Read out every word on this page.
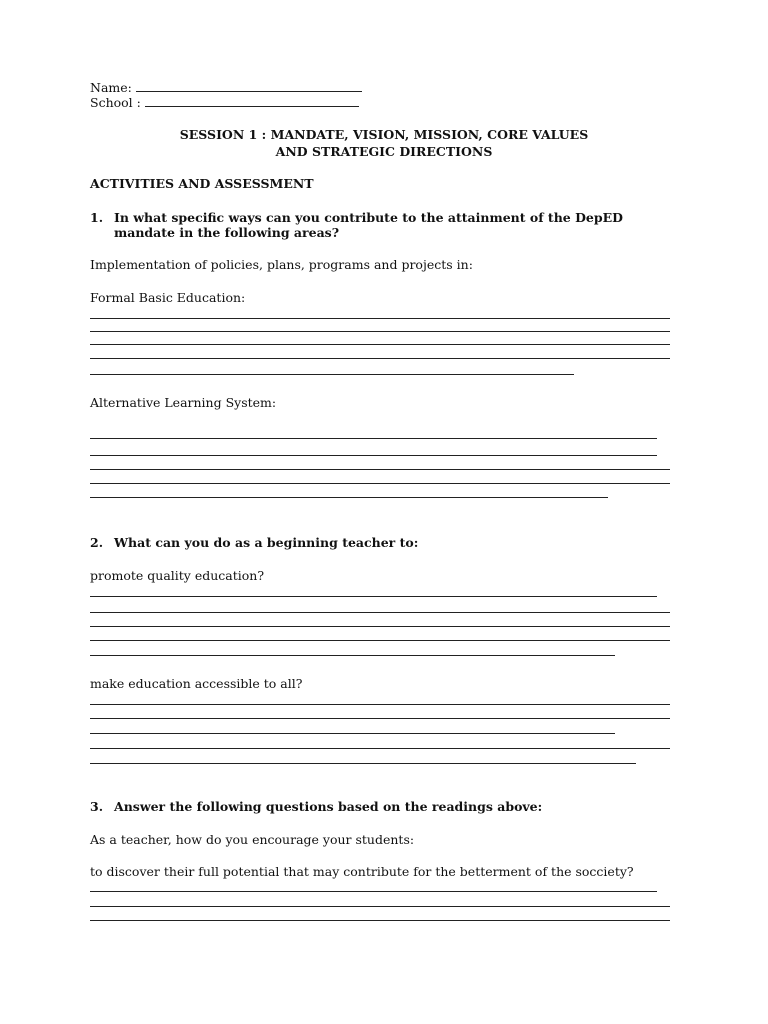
Name:
School :
SESSION 1 : MANDATE, VISION, MISSION, CORE VALUES
AND STRATEGIC DIRECTIONS
ACTIVITIES AND ASSESSMENT
1. In what specific ways can you contribute to the attainment of the DepED
mandate in the following areas?
Implementation of policies, plans, programs and projects in:
Formal Basic Education:
Alternative Learning System:
2. What can you do as a beginning teacher to:
promote quality education?
make education accessible to all?
3. Answer the following questions based on the readings above:
As a teacher, how do you encourage your students:
to discover their full potential that may contribute for the betterment of the socciety?
